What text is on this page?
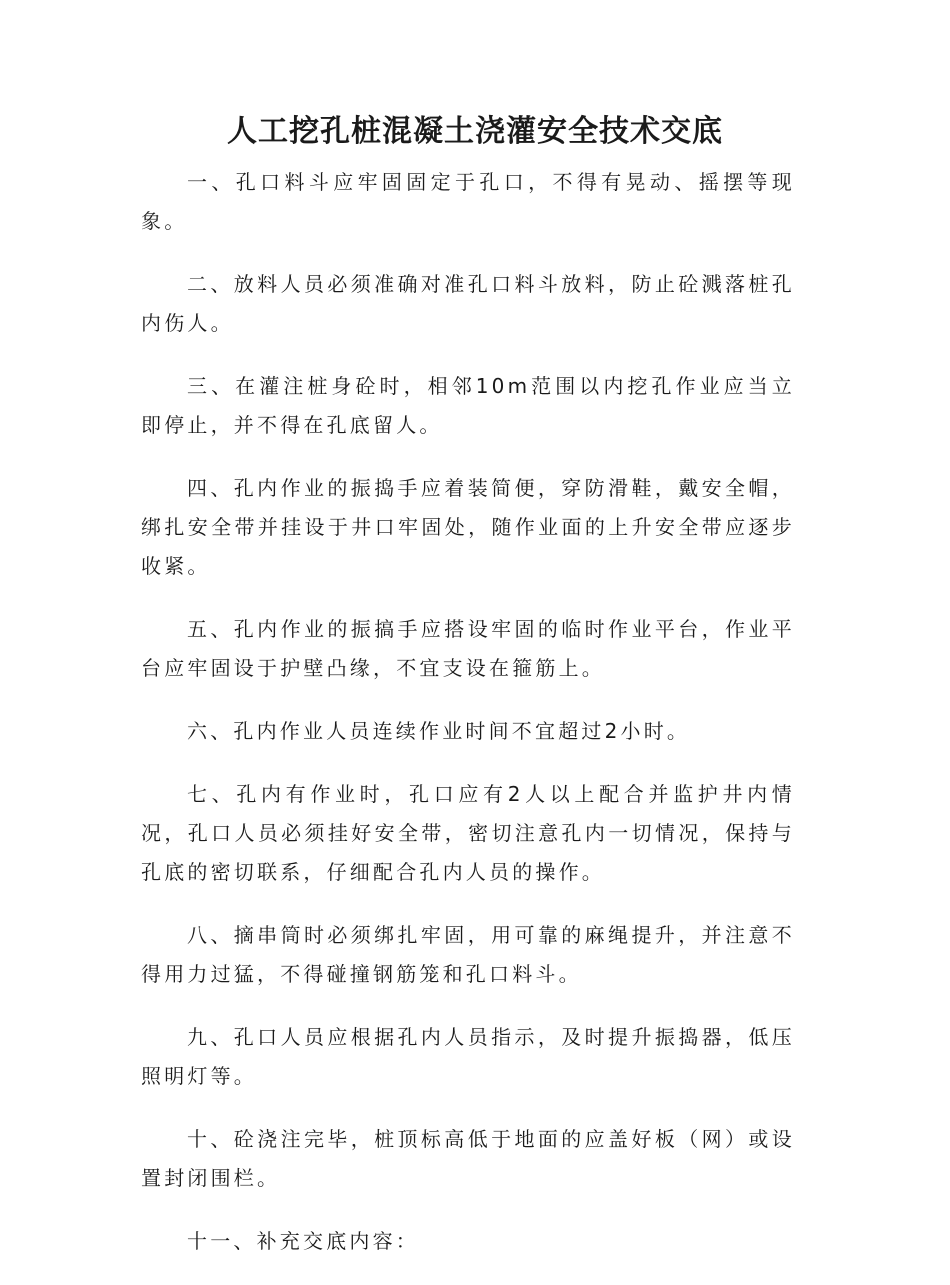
人工挖孔桩混凝土浇灌安全技术交底

一、孔口料斗应牢固固定于孔口，不得有晃动、摇摆等现象。

二、放料人员必须准确对准孔口料斗放料，防止砼溅落桩孔内伤人。

三、在灌注桩身砼时，相邻10m范围以内挖孔作业应当立即停止，并不得在孔底留人。

四、孔内作业的振捣手应着装简便，穿防滑鞋，戴安全帽，绑扎安全带并挂设于井口牢固处，随作业面的上升安全带应逐步收紧。

五、孔内作业的振搞手应搭设牢固的临时作业平台，作业平台应牢固设于护壁凸缘，不宜支设在箍筋上。

六、孔内作业人员连续作业时间不宜超过2小时。

七、孔内有作业时，孔口应有2人以上配合并监护井内情况，孔口人员必须挂好安全带，密切注意孔内一切情况，保持与孔底的密切联系，仔细配合孔内人员的操作。

八、摘串筒时必须绑扎牢固，用可靠的麻绳提升，并注意不得用力过猛，不得碰撞钢筋笼和孔口料斗。

九、孔口人员应根据孔内人员指示，及时提升振捣器，低压照明灯等。

十、砼浇注完毕，桩顶标高低于地面的应盖好板（网）或设置封闭围栏。

十一、补充交底内容：
